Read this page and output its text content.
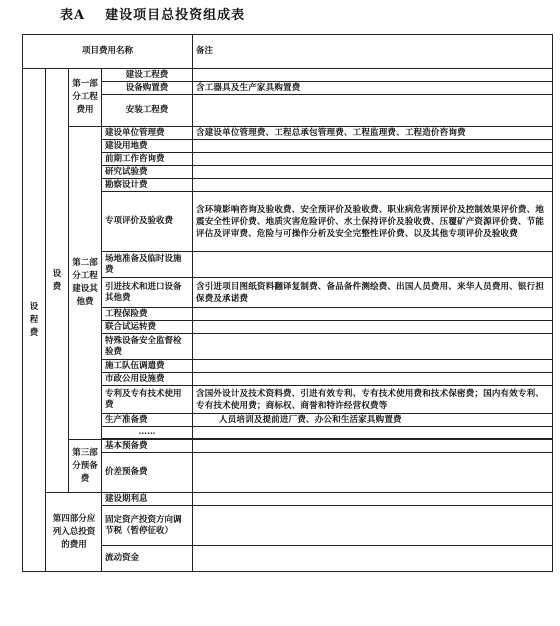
表A 建设项目总投资组成表
项目费用名称				备注
设程费	设费	第一部分工程费用	建设工程费	
			设备购置费	含工器具及生产家具购置费
			安装工程费	
		第二部分工程建设其他费	建设单位管理费	含建设单位管理费、工程总承包管理费、工程监理费、工程造价咨询费
			建设用地费	
			前期工作咨询费	
			研究试验费	
			勘察设计费	
			专项评价及验收费	含环境影响咨询及验收费、安全预评价及验收费、职业病危害预评价及控制效果评价费、地震安全性评价费、地质灾害危险评价、水土保持评价及验收费、压覆矿产资源评价费、节能评估及评审费、危险与可操作分析及安全完整性评价费、以及其他专项评价及验收费
			场地准备及临时设施费	
			引进技术和进口设备其他费	含引进项目图纸资料翻译复制费、备品备件测绘费、出国人员费用、来华人员费用、银行担保费及承诺费
			工程保险费	
			联合试运转费	
			特殊设备安全监督检验费	
			施工队伍调遣费	
			市政公用设施费	
			专利及专有技术使用费	含国外设计及技术资料费、引进有效专利、专有技术使用费和技术保密费；国内有效专利、专有技术使用费；商标权、商誉和特许经营权费等
			生产准备费	人员培训及提前进厂费、办公和生活家具购置费
			……	

		第三部分预备费	基本预备费	
			价差预备费	
	第四部分应列入总投资的费用		建设期利息	
			固定资产投资方向调节税（暂停征收）	
			流动资金	
